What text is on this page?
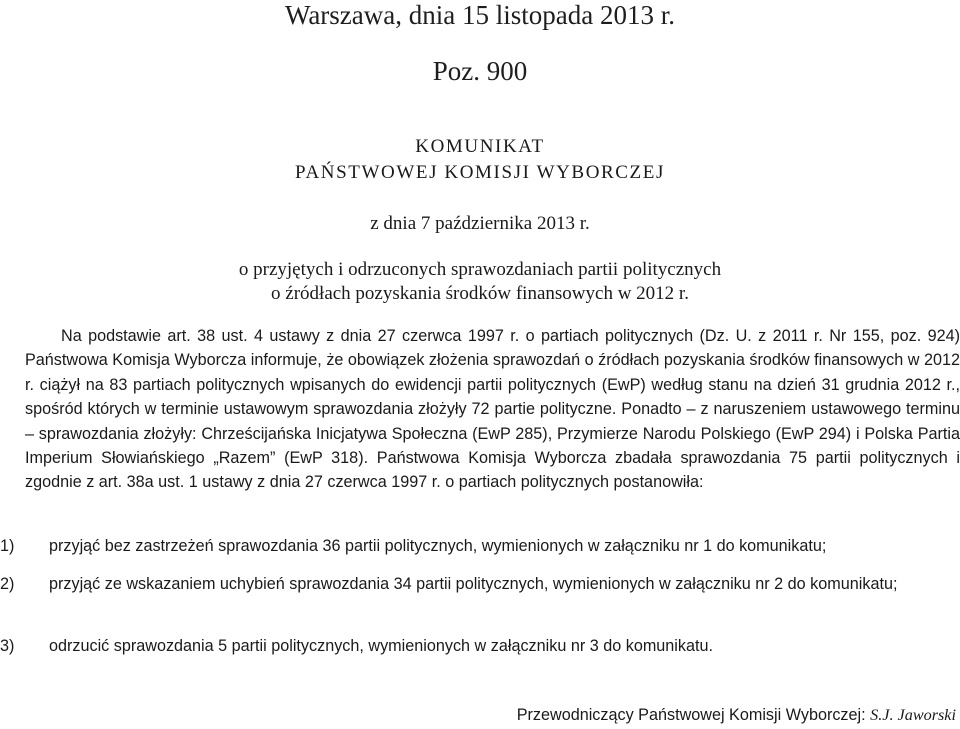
Warszawa, dnia 15 listopada 2013 r.
Poz. 900
KOMUNIKAT
PAŃSTWOWEJ KOMISJI WYBORCZEJ
z dnia 7 października 2013 r.
o przyjętych i odrzuconych sprawozdaniach partii politycznych
o źródłach pozyskania środków finansowych w 2012 r.

Na podstawie art. 38 ust. 4 ustawy z dnia 27 czerwca 1997 r. o partiach politycznych (Dz. U. z 2011 r. Nr 155, poz. 924) Państwowa Komisja Wyborcza informuje, że obowiązek złożenia sprawozdań o źródłach pozyskania środków finansowych w 2012 r. ciążył na 83 partiach politycznych wpisanych do ewidencji partii politycznych (EwP) według stanu na dzień 31 grudnia 2012 r., spośród których w terminie ustawowym sprawozdania złożyły 72 partie polityczne. Ponadto – z naruszeniem ustawowego terminu – sprawozdania złożyły: Chrześcijańska Inicjatywa Społeczna (EwP 285), Przymierze Narodu Polskiego (EwP 294) i Polska Partia Imperium Słowiańskiego „Razem” (EwP 318). Państwowa Komisja Wyborcza zbadała sprawozdania 75 partii politycznych i zgodnie z art. 38a ust. 1 ustawy z dnia 27 czerwca 1997 r. o partiach politycznych postanowiła:

1)	przyjąć bez zastrzeżeń sprawozdania 36 partii politycznych, wymienionych w załączniku nr 1 do komunikatu;
2)	przyjąć ze wskazaniem uchybień sprawozdania 34 partii politycznych, wymienionych w załączniku nr 2 do komunikatu;
3)	odrzucić sprawozdania 5 partii politycznych, wymienionych w załączniku nr 3 do komunikatu.
Przewodniczący Państwowej Komisji Wyborczej: S.J. Jaworski
